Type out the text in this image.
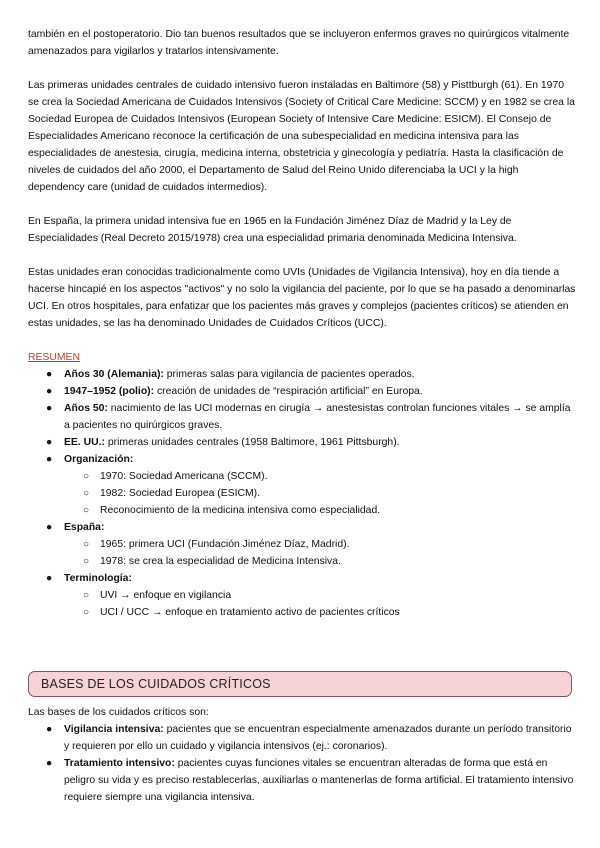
también en el postoperatorio. Dio tan buenos resultados que se incluyeron enfermos graves no quirúrgicos vitalmente amenazados para vigilarlos y tratarlos intensivamente.

Las primeras unidades centrales de cuidado intensivo fueron instaladas en Baltimore (58) y Pisttburgh (61). En 1970 se crea la Sociedad Americana de Cuidados Intensivos (Society of Critical Care Medicine: SCCM) y en 1982 se crea la Sociedad Europea de Cuidados Intensivos (European Society of Intensive Care Medicine: ESICM). El Consejo de Especialidades Americano reconoce la certificación de una subespecialidad en medicina intensiva para las especialidades de anestesia, cirugía, medicina interna, obstetricia y ginecología y pediatría. Hasta la clasificación de niveles de cuidados del año 2000, el Departamento de Salud del Reino Unido diferenciaba la UCI y la high dependency care (unidad de cuidados intermedios).

En España, la primera unidad intensiva fue en 1965 en la Fundación Jiménez Díaz de Madrid y la Ley de Especialidades (Real Decreto 2015/1978) crea una especialidad primaria denominada Medicina Intensiva.

Estas unidades eran conocidas tradicionalmente como UVIs (Unidades de Vigilancia Intensiva), hoy en día tiende a hacerse hincapié en los aspectos "activos" y no solo la vigilancia del paciente, por lo que se ha pasado a denominarlas UCI. En otros hospitales, para enfatizar que los pacientes más graves y complejos (pacientes críticos) se atienden en estas unidades, se las ha denominado Unidades de Cuidados Críticos (UCC).

RESUMEN

● Años 30 (Alemania): primeras salas para vigilancia de pacientes operados.
● 1947–1952 (polio): creación de unidades de “respiración artificial” en Europa.
● Años 50: nacimiento de las UCI modernas en cirugía → anestesistas controlan funciones vitales → se amplía a pacientes no quirúrgicos graves.
● EE. UU.: primeras unidades centrales (1958 Baltimore, 1961 Pittsburgh).
● Organización:
○ 1970: Sociedad Americana (SCCM).
○ 1982: Sociedad Europea (ESICM).
○ Reconocimiento de la medicina intensiva como especialidad.
● España:
○ 1965: primera UCI (Fundación Jiménez Díaz, Madrid).
○ 1978: se crea la especialidad de Medicina Intensiva.
● Terminología:
○ UVI → enfoque en vigilancia
○ UCI / UCC → enfoque en tratamiento activo de pacientes críticos
BASES DE LOS CUIDADOS CRÍTICOS

Las bases de los cuidados críticos son:

● Vigilancia intensiva: pacientes que se encuentran especialmente amenazados durante un período transitorio y requieren por ello un cuidado y vigilancia intensivos (ej.: coronarios).
● Tratamiento intensivo: pacientes cuyas funciones vitales se encuentran alteradas de forma que está en peligro su vida y es preciso restablecerlas, auxiliarlas o mantenerlas de forma artificial. El tratamiento intensivo requiere siempre una vigilancia intensiva.
